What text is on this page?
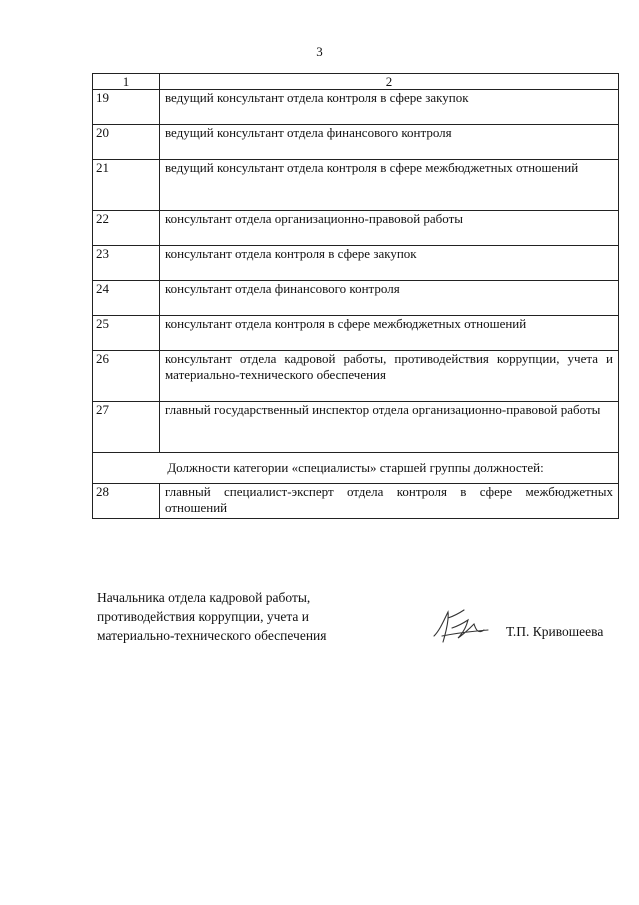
3
1	2
19	ведущий консультант отдела контроля в сфере закупок
20	ведущий консультант отдела финансового контроля
21	ведущий консультант отдела контроля в сфере межбюджетных отношений
22	консультант отдела организационно-правовой работы
23	консультант отдела контроля в сфере закупок
24	консультант отдела финансового контроля
25	консультант отдела контроля в сфере межбюджетных отношений
26	консультант отдела кадровой работы, противодействия коррупции, учета и материально-технического обеспечения
27	главный государственный инспектор отдела организационно-правовой работы
Должности категории «специалисты» старшей группы должностей:	
28	главный специалист-эксперт отдела контроля в сфере межбюджетных отношений
Начальника отдела кадровой работы,
противодействия коррупции, учета и
материально-технического обеспечения	Т.П. Кривошеева
